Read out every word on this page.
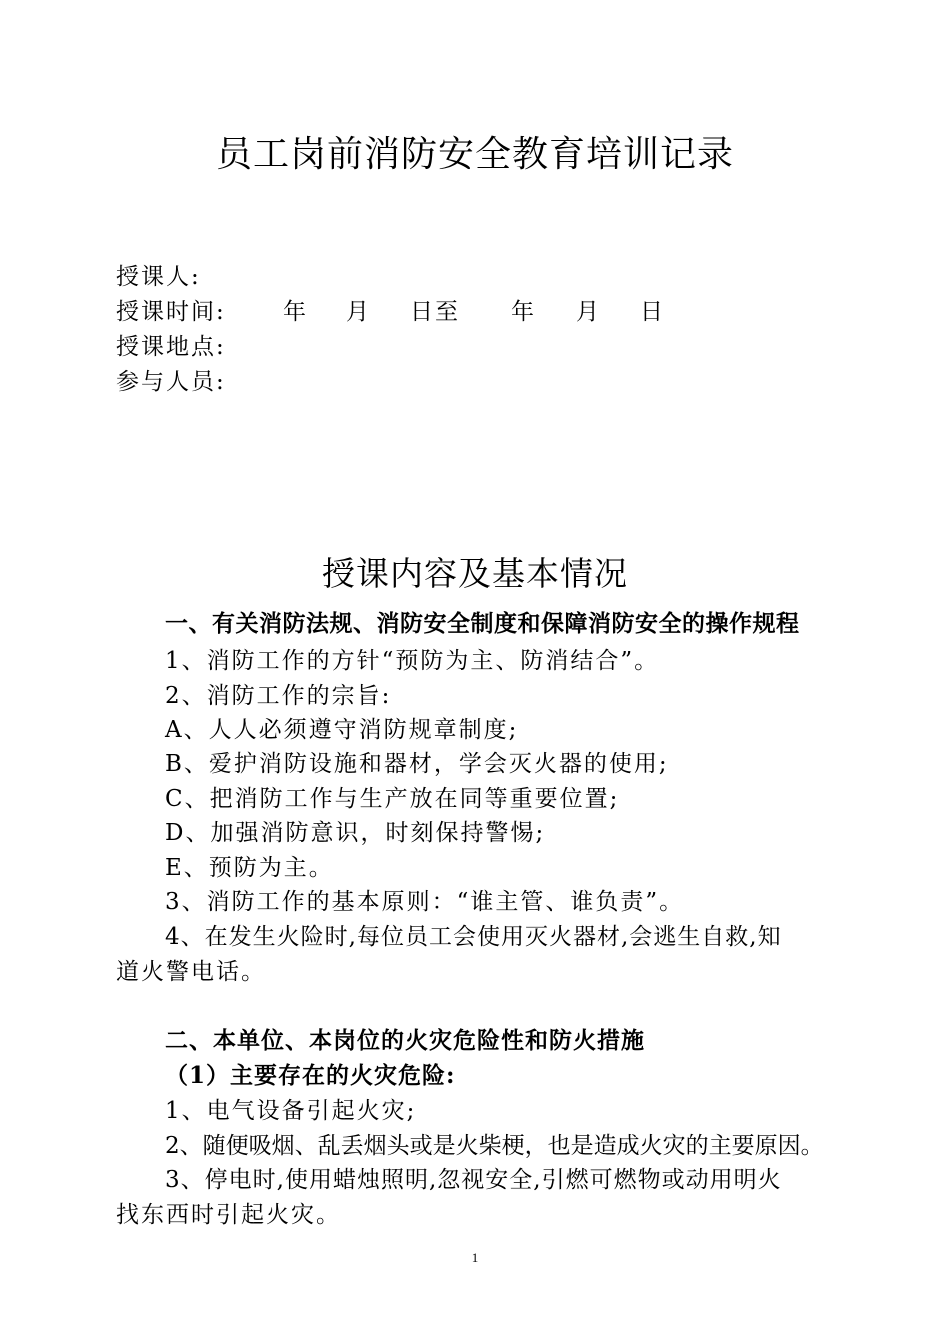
员工岗前消防安全教育培训记录
授课人:
授课时间: 年 月 日至 年 月 日
授课地点:
参与人员:
授课内容及基本情况
一、有关消防法规、消防安全制度和保障消防安全的操作规程
1、消防工作的方针“预防为主、防消结合”。
2、消防工作的宗旨:
A、人人必须遵守消防规章制度;
B、爱护消防设施和器材，学会灭火器的使用;
C、把消防工作与生产放在同等重要位置;
D、加强消防意识，时刻保持警惕;
E、预防为主。
3、消防工作的基本原则：“谁主管、谁负责”。
4、在发生火险时,每位员工会使用灭火器材,会逃生自救,知
道火警电话。
二、本单位、本岗位的火灾危险性和防火措施
（1）主要存在的火灾危险:
1、电气设备引起火灾;
2、随便吸烟、乱丢烟头或是火柴梗，也是造成火灾的主要原因。
3、停电时,使用蜡烛照明,忽视安全,引燃可燃物或动用明火
找东西时引起火灾。
1
